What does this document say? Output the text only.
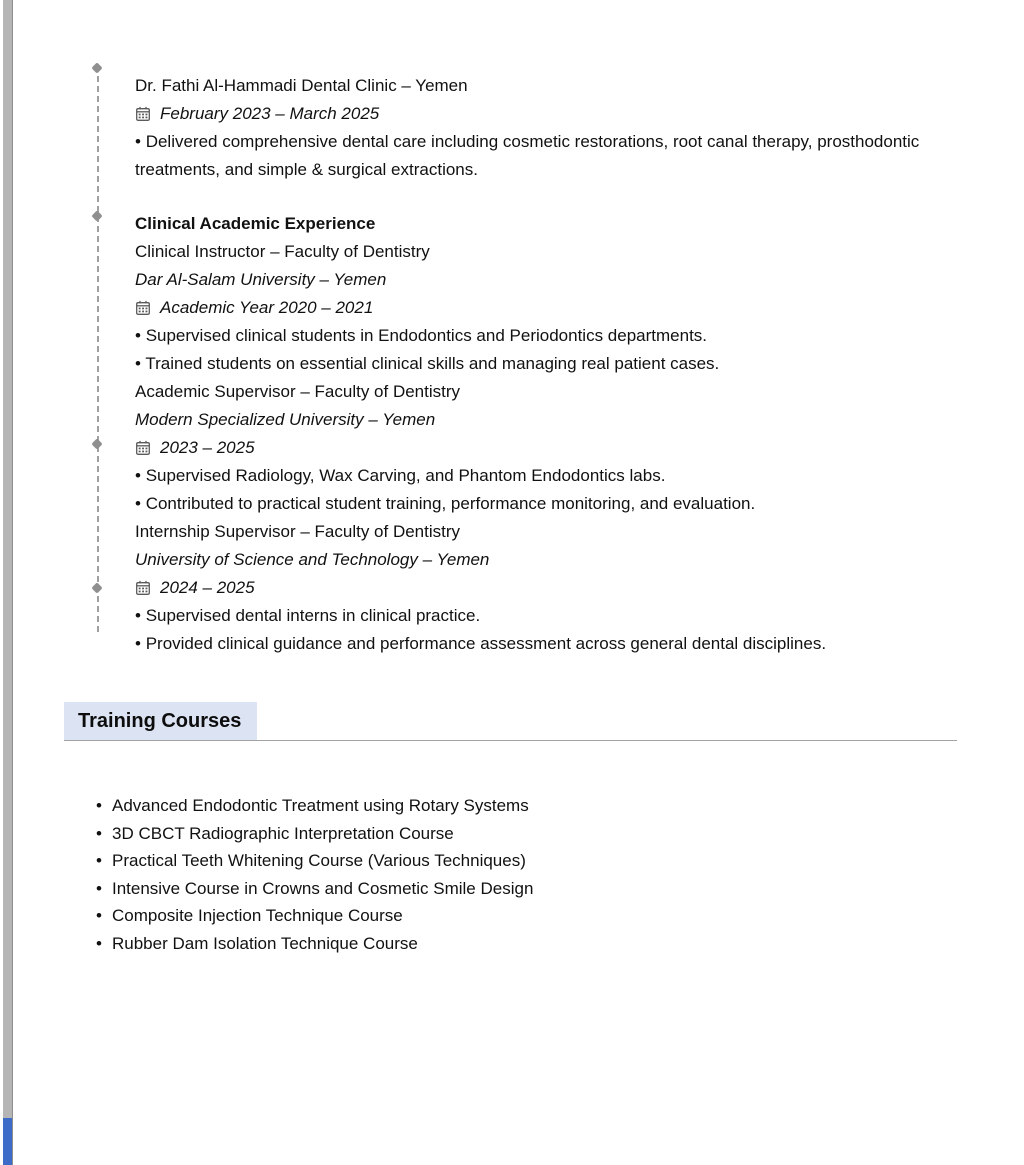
Dr. Fathi Al-Hammadi Dental Clinic – Yemen

February 2023 – March 2025

• Delivered comprehensive dental care including cosmetic restorations, root canal therapy, prosthodontic treatments, and simple & surgical extractions.

Clinical Academic Experience

Clinical Instructor – Faculty of Dentistry

Dar Al-Salam University – Yemen

Academic Year 2020 – 2021

• Supervised clinical students in Endodontics and Periodontics departments.

• Trained students on essential clinical skills and managing real patient cases.

Academic Supervisor – Faculty of Dentistry

Modern Specialized University – Yemen

2023 – 2025

• Supervised Radiology, Wax Carving, and Phantom Endodontics labs.

• Contributed to practical student training, performance monitoring, and evaluation.

Internship Supervisor – Faculty of Dentistry

University of Science and Technology – Yemen

2024 – 2025

• Supervised dental interns in clinical practice.

• Provided clinical guidance and performance assessment across general dental disciplines.

Training Courses
• Advanced Endodontic Treatment using Rotary Systems
• 3D CBCT Radiographic Interpretation Course
• Practical Teeth Whitening Course (Various Techniques)
• Intensive Course in Crowns and Cosmetic Smile Design
• Composite Injection Technique Course
• Rubber Dam Isolation Technique Course
